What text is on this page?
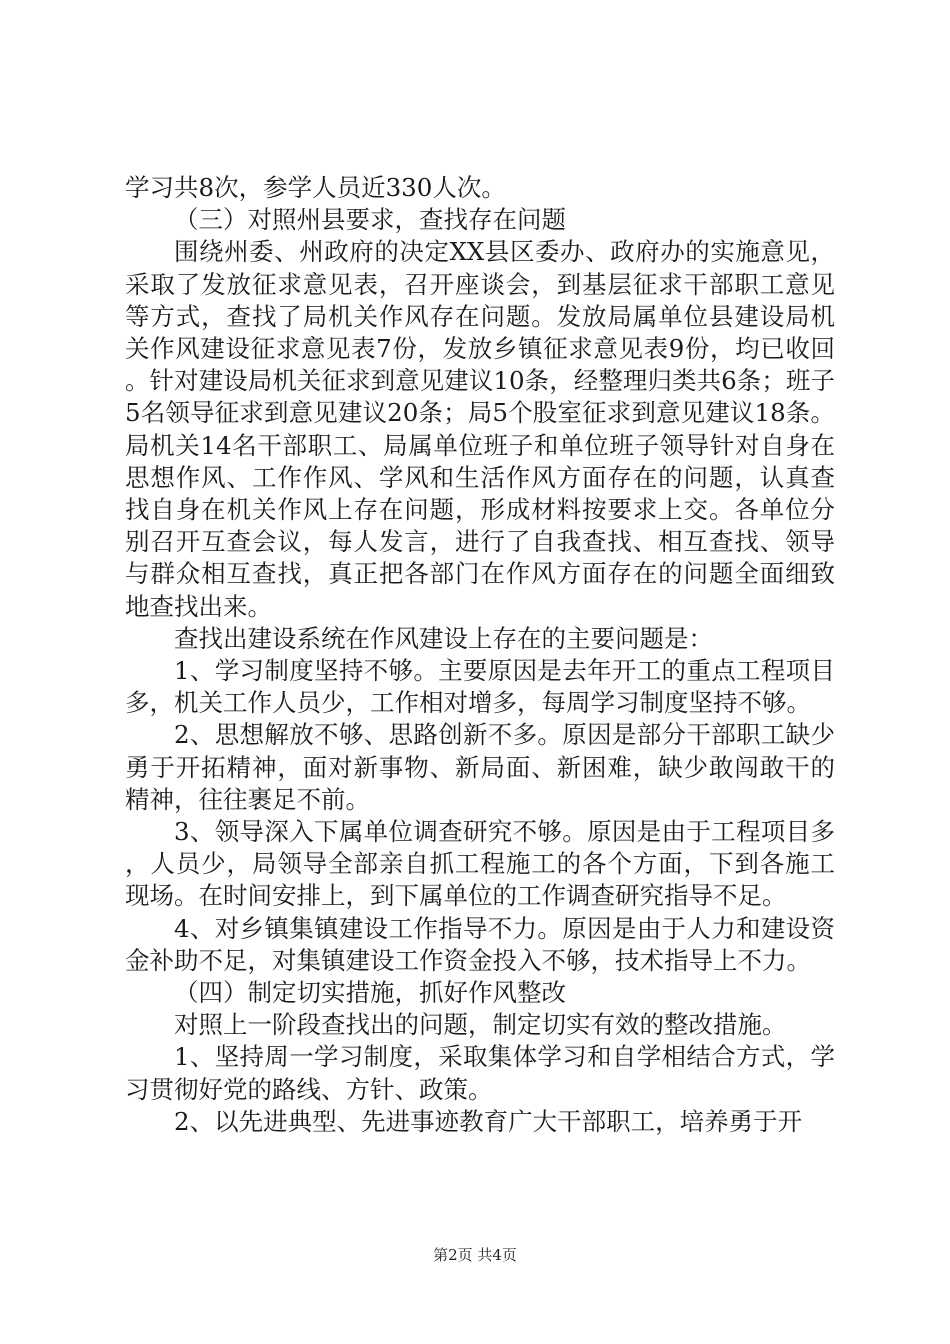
学习共8次，参学人员近330人次。

（三）对照州县要求，查找存在问题

围绕州委、州政府的决定XX县区委办、政府办的实施意见，采取了发放征求意见表，召开座谈会，到基层征求干部职工意见等方式，查找了局机关作风存在问题。发放局属单位县建设局机关作风建设征求意见表7份，发放乡镇征求意见表9份，均已收回。针对建设局机关征求到意见建议10条，经整理归类共6条；班子5名领导征求到意见建议20条；局5个股室征求到意见建议18条。局机关14名干部职工、局属单位班子和单位班子领导针对自身在思想作风、工作作风、学风和生活作风方面存在的问题，认真查找自身在机关作风上存在问题，形成材料按要求上交。各单位分别召开互查会议，每人发言，进行了自我查找、相互查找、领导与群众相互查找，真正把各部门在作风方面存在的问题全面细致地查找出来。

查找出建设系统在作风建设上存在的主要问题是：

1、学习制度坚持不够。主要原因是去年开工的重点工程项目多，机关工作人员少，工作相对增多，每周学习制度坚持不够。

2、思想解放不够、思路创新不多。原因是部分干部职工缺少勇于开拓精神，面对新事物、新局面、新困难，缺少敢闯敢干的精神，往往裹足不前。

3、领导深入下属单位调查研究不够。原因是由于工程项目多，人员少，局领导全部亲自抓工程施工的各个方面，下到各施工现场。在时间安排上，到下属单位的工作调查研究指导不足。

4、对乡镇集镇建设工作指导不力。原因是由于人力和建设资金补助不足，对集镇建设工作资金投入不够，技术指导上不力。

（四）制定切实措施，抓好作风整改

对照上一阶段查找出的问题，制定切实有效的整改措施。

1、坚持周一学习制度，采取集体学习和自学相结合方式，学习贯彻好党的路线、方针、政策。

2、以先进典型、先进事迹教育广大干部职工，培养勇于开

第2页 共4页
